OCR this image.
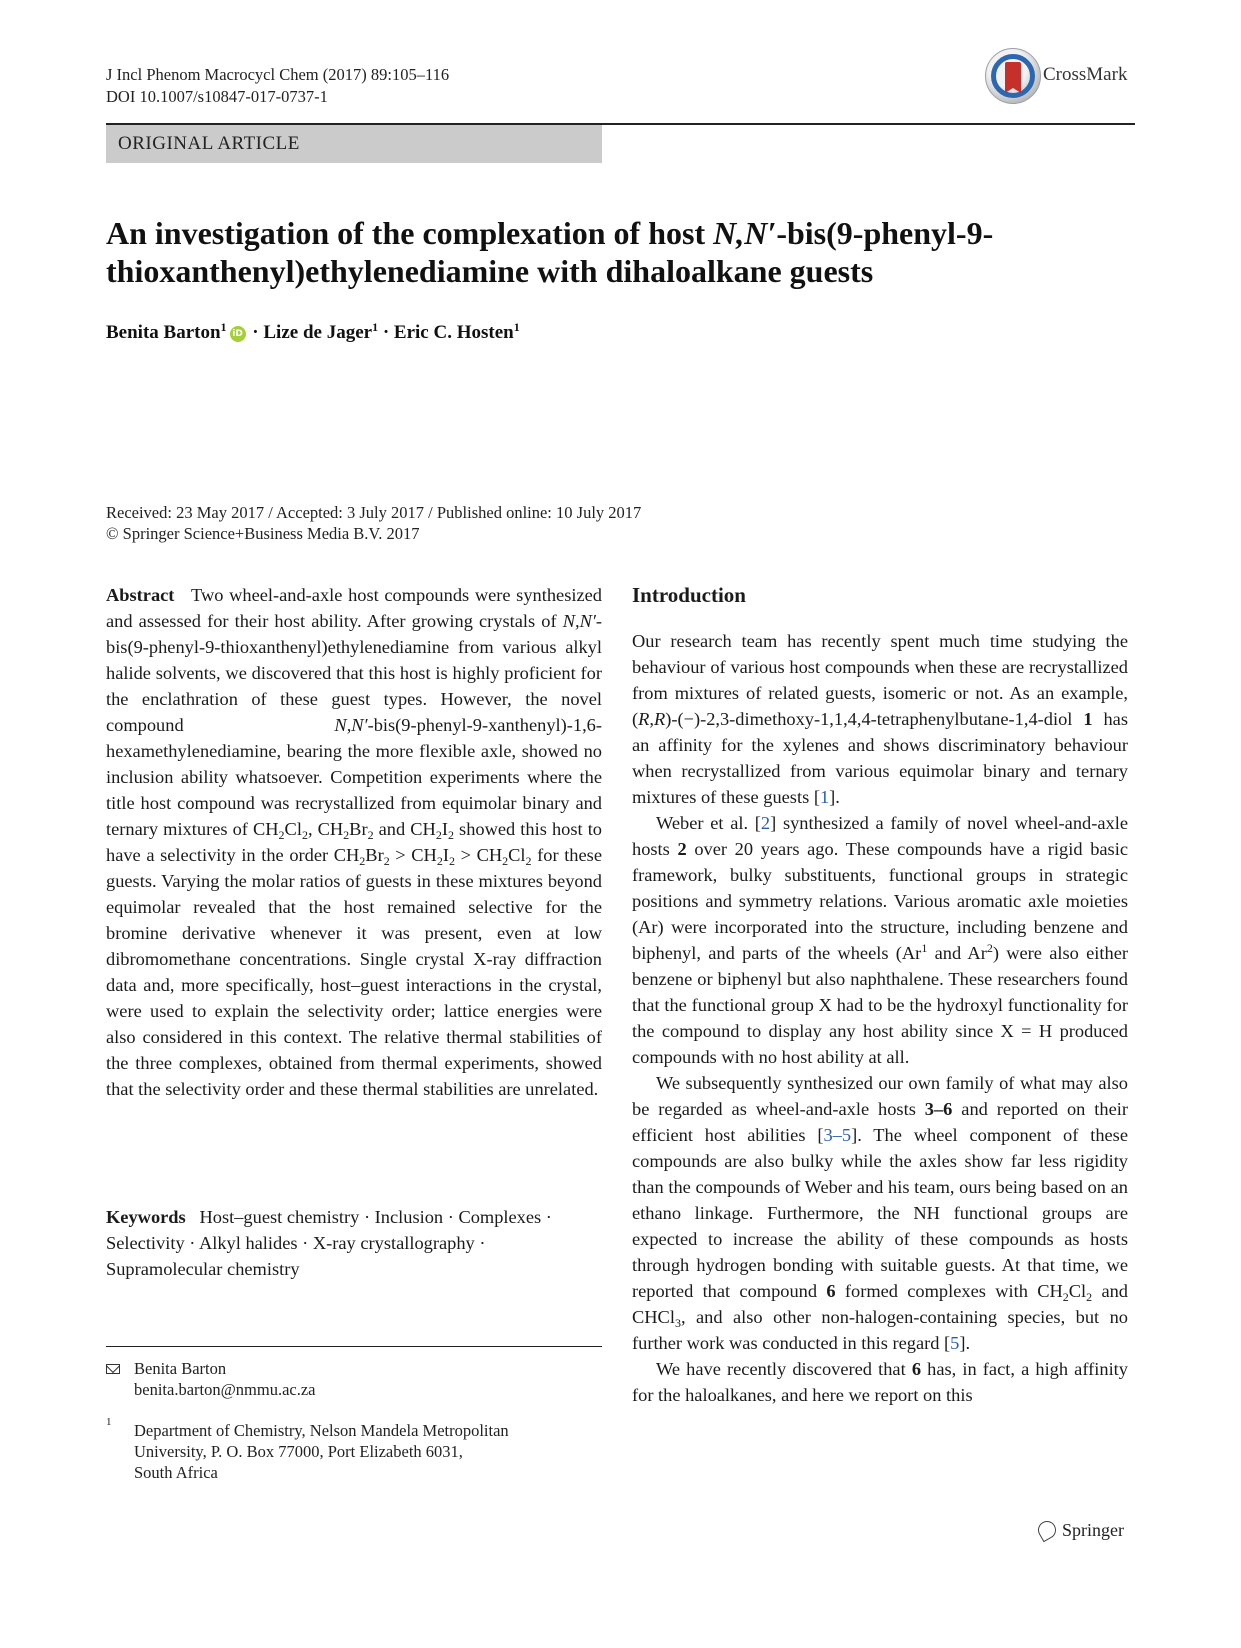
J Incl Phenom Macrocycl Chem (2017) 89:105–116
DOI 10.1007/s10847-017-0737-1
CrossMark
ORIGINAL ARTICLE
An investigation of the complexation of host N,N′-bis(9-phenyl-9-thioxanthenyl)ethylenediamine with dihaloalkane guests
Benita Barton$^1$ iD · Lize de Jager$^1$ · Eric C. Hosten$^1$
Received: 23 May 2017 / Accepted: 3 July 2017 / Published online: 10 July 2017
© Springer Science+Business Media B.V. 2017

Abstract Two wheel-and-axle host compounds were synthesized and assessed for their host ability. After growing crystals of N,N′-bis(9-phenyl-9-thioxanthenyl)ethylenediamine from various alkyl halide solvents, we discovered that this host is highly proficient for the enclathration of these guest types. However, the novel compound N,N′-bis(9-phenyl-9-xanthenyl)-1,6-hexamethylenediamine, bearing the more flexible axle, showed no inclusion ability whatsoever. Competition experiments where the title host compound was recrystallized from equimolar binary and ternary mixtures of $CH_2Cl_2$, $CH_2Br_2$ and $CH_2I_2$ showed this host to have a selectivity in the order $CH_2Br_2 > CH_2I_2 > CH_2Cl_2$ for these guests. Varying the molar ratios of guests in these mixtures beyond equimolar revealed that the host remained selective for the bromine derivative whenever it was present, even at low dibromomethane concentrations. Single crystal X-ray diffraction data and, more specifically, host–guest interactions in the crystal, were used to explain the selectivity order; lattice energies were also considered in this context. The relative thermal stabilities of the three complexes, obtained from thermal experiments, showed that the selectivity order and these thermal stabilities are unrelated.

Keywords Host–guest chemistry · Inclusion · Complexes · Selectivity · Alkyl halides · X-ray crystallography · Supramolecular chemistry

Benita Barton
benita.barton@nmmu.ac.za
1 Department of Chemistry, Nelson Mandela Metropolitan
University, P. O. Box 77000, Port Elizabeth 6031,
South Africa
Introduction

Our research team has recently spent much time studying the behaviour of various host compounds when these are recrystallized from mixtures of related guests, isomeric or not. As an example, (R,R)-(−)-2,3-dimethoxy-1,1,4,4-tetraphenylbutane-1,4-diol 1 has an affinity for the xylenes and shows discriminatory behaviour when recrystallized from various equimolar binary and ternary mixtures of these guests [1].

Weber et al. [2] synthesized a family of novel wheel-and-axle hosts 2 over 20 years ago. These compounds have a rigid basic framework, bulky substituents, functional groups in strategic positions and symmetry relations. Various aromatic axle moieties (Ar) were incorporated into the structure, including benzene and biphenyl, and parts of the wheels (Ar$^1$ and Ar$^2$) were also either benzene or biphenyl but also naphthalene. These researchers found that the functional group X had to be the hydroxyl functionality for the compound to display any host ability since X = H produced compounds with no host ability at all.

We subsequently synthesized our own family of what may also be regarded as wheel-and-axle hosts 3–6 and reported on their efficient host abilities [3–5]. The wheel component of these compounds are also bulky while the axles show far less rigidity than the compounds of Weber and his team, ours being based on an ethano linkage. Furthermore, the NH functional groups are expected to increase the ability of these compounds as hosts through hydrogen bonding with suitable guests. At that time, we reported that compound 6 formed complexes with $CH_2Cl_2$ and CHCl$_3$, and also other non-halogen-containing species, but no further work was conducted in this regard [5].

We have recently discovered that 6 has, in fact, a high affinity for the haloalkanes, and here we report on this

Springer
